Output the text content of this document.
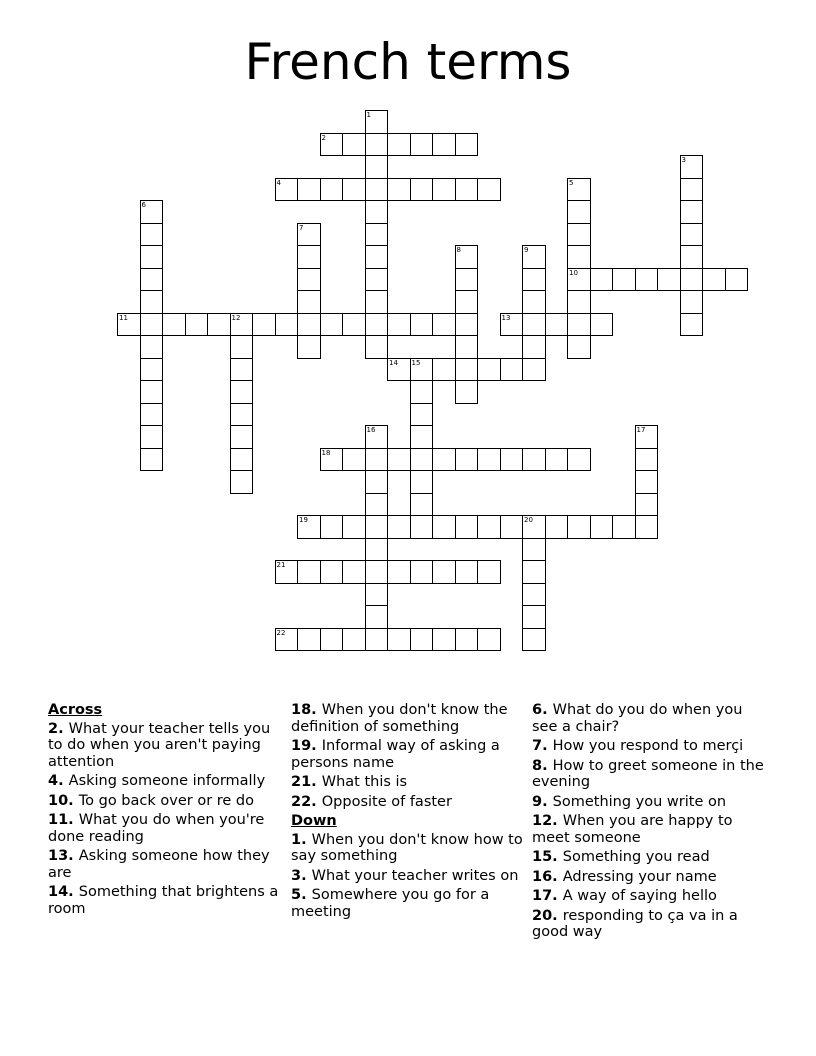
French terms
1
2
4
3
5
10
6
7
8	9
12	13
14 15
16	17
18
19	20
21
22
11
Across
2. What your teacher tells you to do when you aren't paying attention
4. Asking someone informally
10. To go back over or re do
11. What you do when you're done reading
13. Asking someone how they are
14. Something that brightens a room
18. When you don't know the definition of something
19. Informal way of asking a persons name
21. What this is
22. Opposite of faster
Down
1. When you don't know how to say something
3. What your teacher writes on
5. Somewhere you go for a meeting
6. What do you do when you see a chair?
7. How you respond to merçi
8. How to greet someone in the evening
9. Something you write on
12. When you are happy to meet someone
15. Something you read
16. Adressing your name
17. A way of saying hello
20. responding to ça va in a good way
